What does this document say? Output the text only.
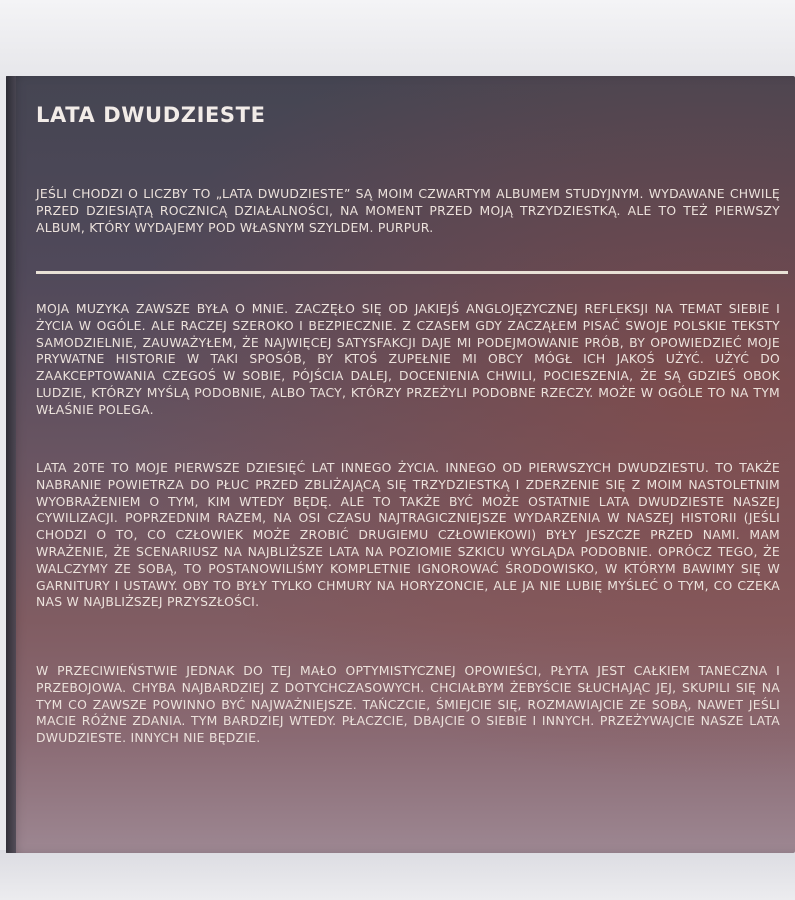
LATA DWUDZIESTE

JEŚLI CHODZI O LICZBY TO „LATA DWUDZIESTE” SĄ MOIM CZWARTYM ALBUMEM STUDYJNYM. WYDAWANE CHWILĘ PRZED DZIESIĄTĄ ROCZNICĄ DZIAŁALNOŚCI, NA MOMENT PRZED MOJĄ TRZYDZIESTKĄ. ALE TO TEŻ PIERWSZY ALBUM, KTÓRY WYDAJEMY POD WŁASNYM SZYLDEM. PURPUR.

MOJA MUZYKA ZAWSZE BYŁA O MNIE. ZACZĘŁO SIĘ OD JAKIEJŚ ANGLOJĘZYCZNEJ REFLEKSJI NA TEMAT SIEBIE I ŻYCIA W OGÓLE. ALE RACZEJ SZEROKO I BEZPIECZNIE. Z CZASEM GDY ZACZĄŁEM PISAĆ SWOJE POLSKIE TEKSTY SAMODZIELNIE, ZAUWAŻYŁEM, ŻE NAJWIĘCEJ SATYSFAKCJI DAJE MI PODEJMOWANIE PRÓB, BY OPOWIEDZIEĆ MOJE PRYWATNE HISTORIE W TAKI SPOSÓB, BY KTOŚ ZUPEŁNIE MI OBCY MÓGŁ ICH JAKOŚ UŻYĆ. UŻYĆ DO ZAAKCEPTOWANIA CZEGOŚ W SOBIE, PÓJŚCIA DALEJ, DOCENIENIA CHWILI, POCIESZENIA, ŻE SĄ GDZIEŚ OBOK LUDZIE, KTÓRZY MYŚLĄ PODOBNIE, ALBO TACY, KTÓRZY PRZEŻYLI PODOBNE RZECZY. MOŻE W OGÓLE TO NA TYM WŁAŚNIE POLEGA.

LATA 20TE TO MOJE PIERWSZE DZIESIĘĆ LAT INNEGO ŻYCIA. INNEGO OD PIERWSZYCH DWUDZIESTU. TO TAKŻE NABRANIE POWIETRZA DO PŁUC PRZED ZBLIŻAJĄCĄ SIĘ TRZYDZIESTKĄ I ZDERZENIE SIĘ Z MOIM NASTOLETNIM WYOBRAŻENIEM O TYM, KIM WTEDY BĘDĘ. ALE TO TAKŻE BYĆ MOŻE OSTATNIE LATA DWUDZIESTE NASZEJ CYWILIZACJI. POPRZEDNIM RAZEM, NA OSI CZASU NAJTRAGICZNIEJSZE WYDARZENIA W NASZEJ HISTORII (JEŚLI CHODZI O TO, CO CZŁOWIEK MOŻE ZROBIĆ DRUGIEMU CZŁOWIEKOWI) BYŁY JESZCZE PRZED NAMI. MAM WRAŻENIE, ŻE SCENARIUSZ NA NAJBLIŻSZE LATA NA POZIOMIE SZKICU WYGLĄDA PODOBNIE. OPRÓCZ TEGO, ŻE WALCZYMY ZE SOBĄ, TO POSTANOWILIŚMY KOMPLETNIE IGNOROWAĆ ŚRODOWISKO, W KTÓRYM BAWIMY SIĘ W GARNITURY I USTAWY. OBY TO BYŁY TYLKO CHMURY NA HORYZONCIE, ALE JA NIE LUBIĘ MYŚLEĆ O TYM, CO CZEKA NAS W NAJBLIŻSZEJ PRZYSZŁOŚCI.

W PRZECIWIEŃSTWIE JEDNAK DO TEJ MAŁO OPTYMISTYCZNEJ OPOWIEŚCI, PŁYTA JEST CAŁKIEM TANECZNA I PRZEBOJOWA. CHYBA NAJBARDZIEJ Z DOTYCHCZASOWYCH. CHCIAŁBYM ŻEBYŚCIE SŁUCHAJĄC JEJ, SKUPILI SIĘ NA TYM CO ZAWSZE POWINNO BYĆ NAJWAŻNIEJSZE. TAŃCZCIE, ŚMIEJCIE SIĘ, ROZMAWIAJCIE ZE SOBĄ, NAWET JEŚLI MACIE RÓŻNE ZDANIA. TYM BARDZIEJ WTEDY. PŁACZCIE, DBAJCIE O SIEBIE I INNYCH. PRZEŻYWAJCIE NASZE LATA DWUDZIESTE. INNYCH NIE BĘDZIE.
